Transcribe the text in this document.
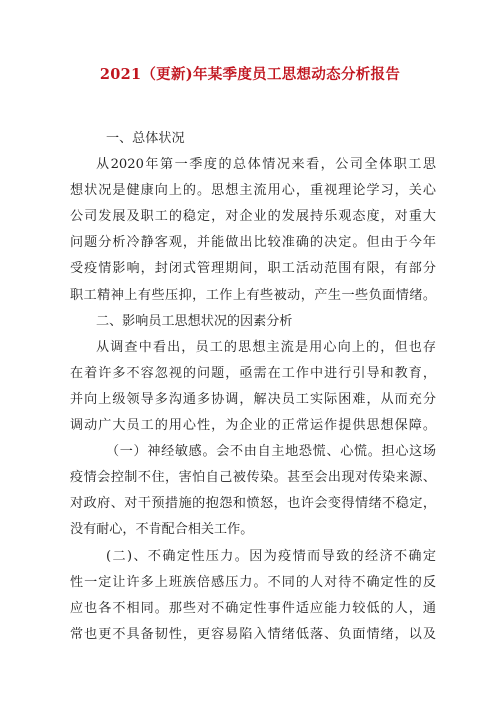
2021（更新)年某季度员工思想动态分析报告
一、总体状况
从2020年第一季度的总体情况来看，公司全体职工思
想状况是健康向上的。思想主流用心，重视理论学习，关心
公司发展及职工的稳定，对企业的发展持乐观态度，对重大
问题分析冷静客观，并能做出比较准确的决定。但由于今年
受疫情影响，封闭式管理期间，职工活动范围有限，有部分
职工精神上有些压抑，工作上有些被动，产生一些负面情绪。
二、影响员工思想状况的因素分析
从调查中看出，员工的思想主流是用心向上的，但也存
在着许多不容忽视的问题，亟需在工作中进行引导和教育，
并向上级领导多沟通多协调，解决员工实际困难，从而充分
调动广大员工的用心性，为企业的正常运作提供思想保障。
（一）神经敏感。会不由自主地恐慌、心慌。担心这场
疫情会控制不住，害怕自己被传染。甚至会出现对传染来源、
对政府、对干预措施的抱怨和愤怒，也许会变得情绪不稳定，
没有耐心，不肯配合相关工作。
(二)、不确定性压力。因为疫情而导致的经济不确定
性一定让许多上班族倍感压力。不同的人对待不确定性的反
应也各不相同。那些对不确定性事件适应能力较低的人，通
常也更不具备韧性，更容易陷入情绪低落、负面情绪，以及
